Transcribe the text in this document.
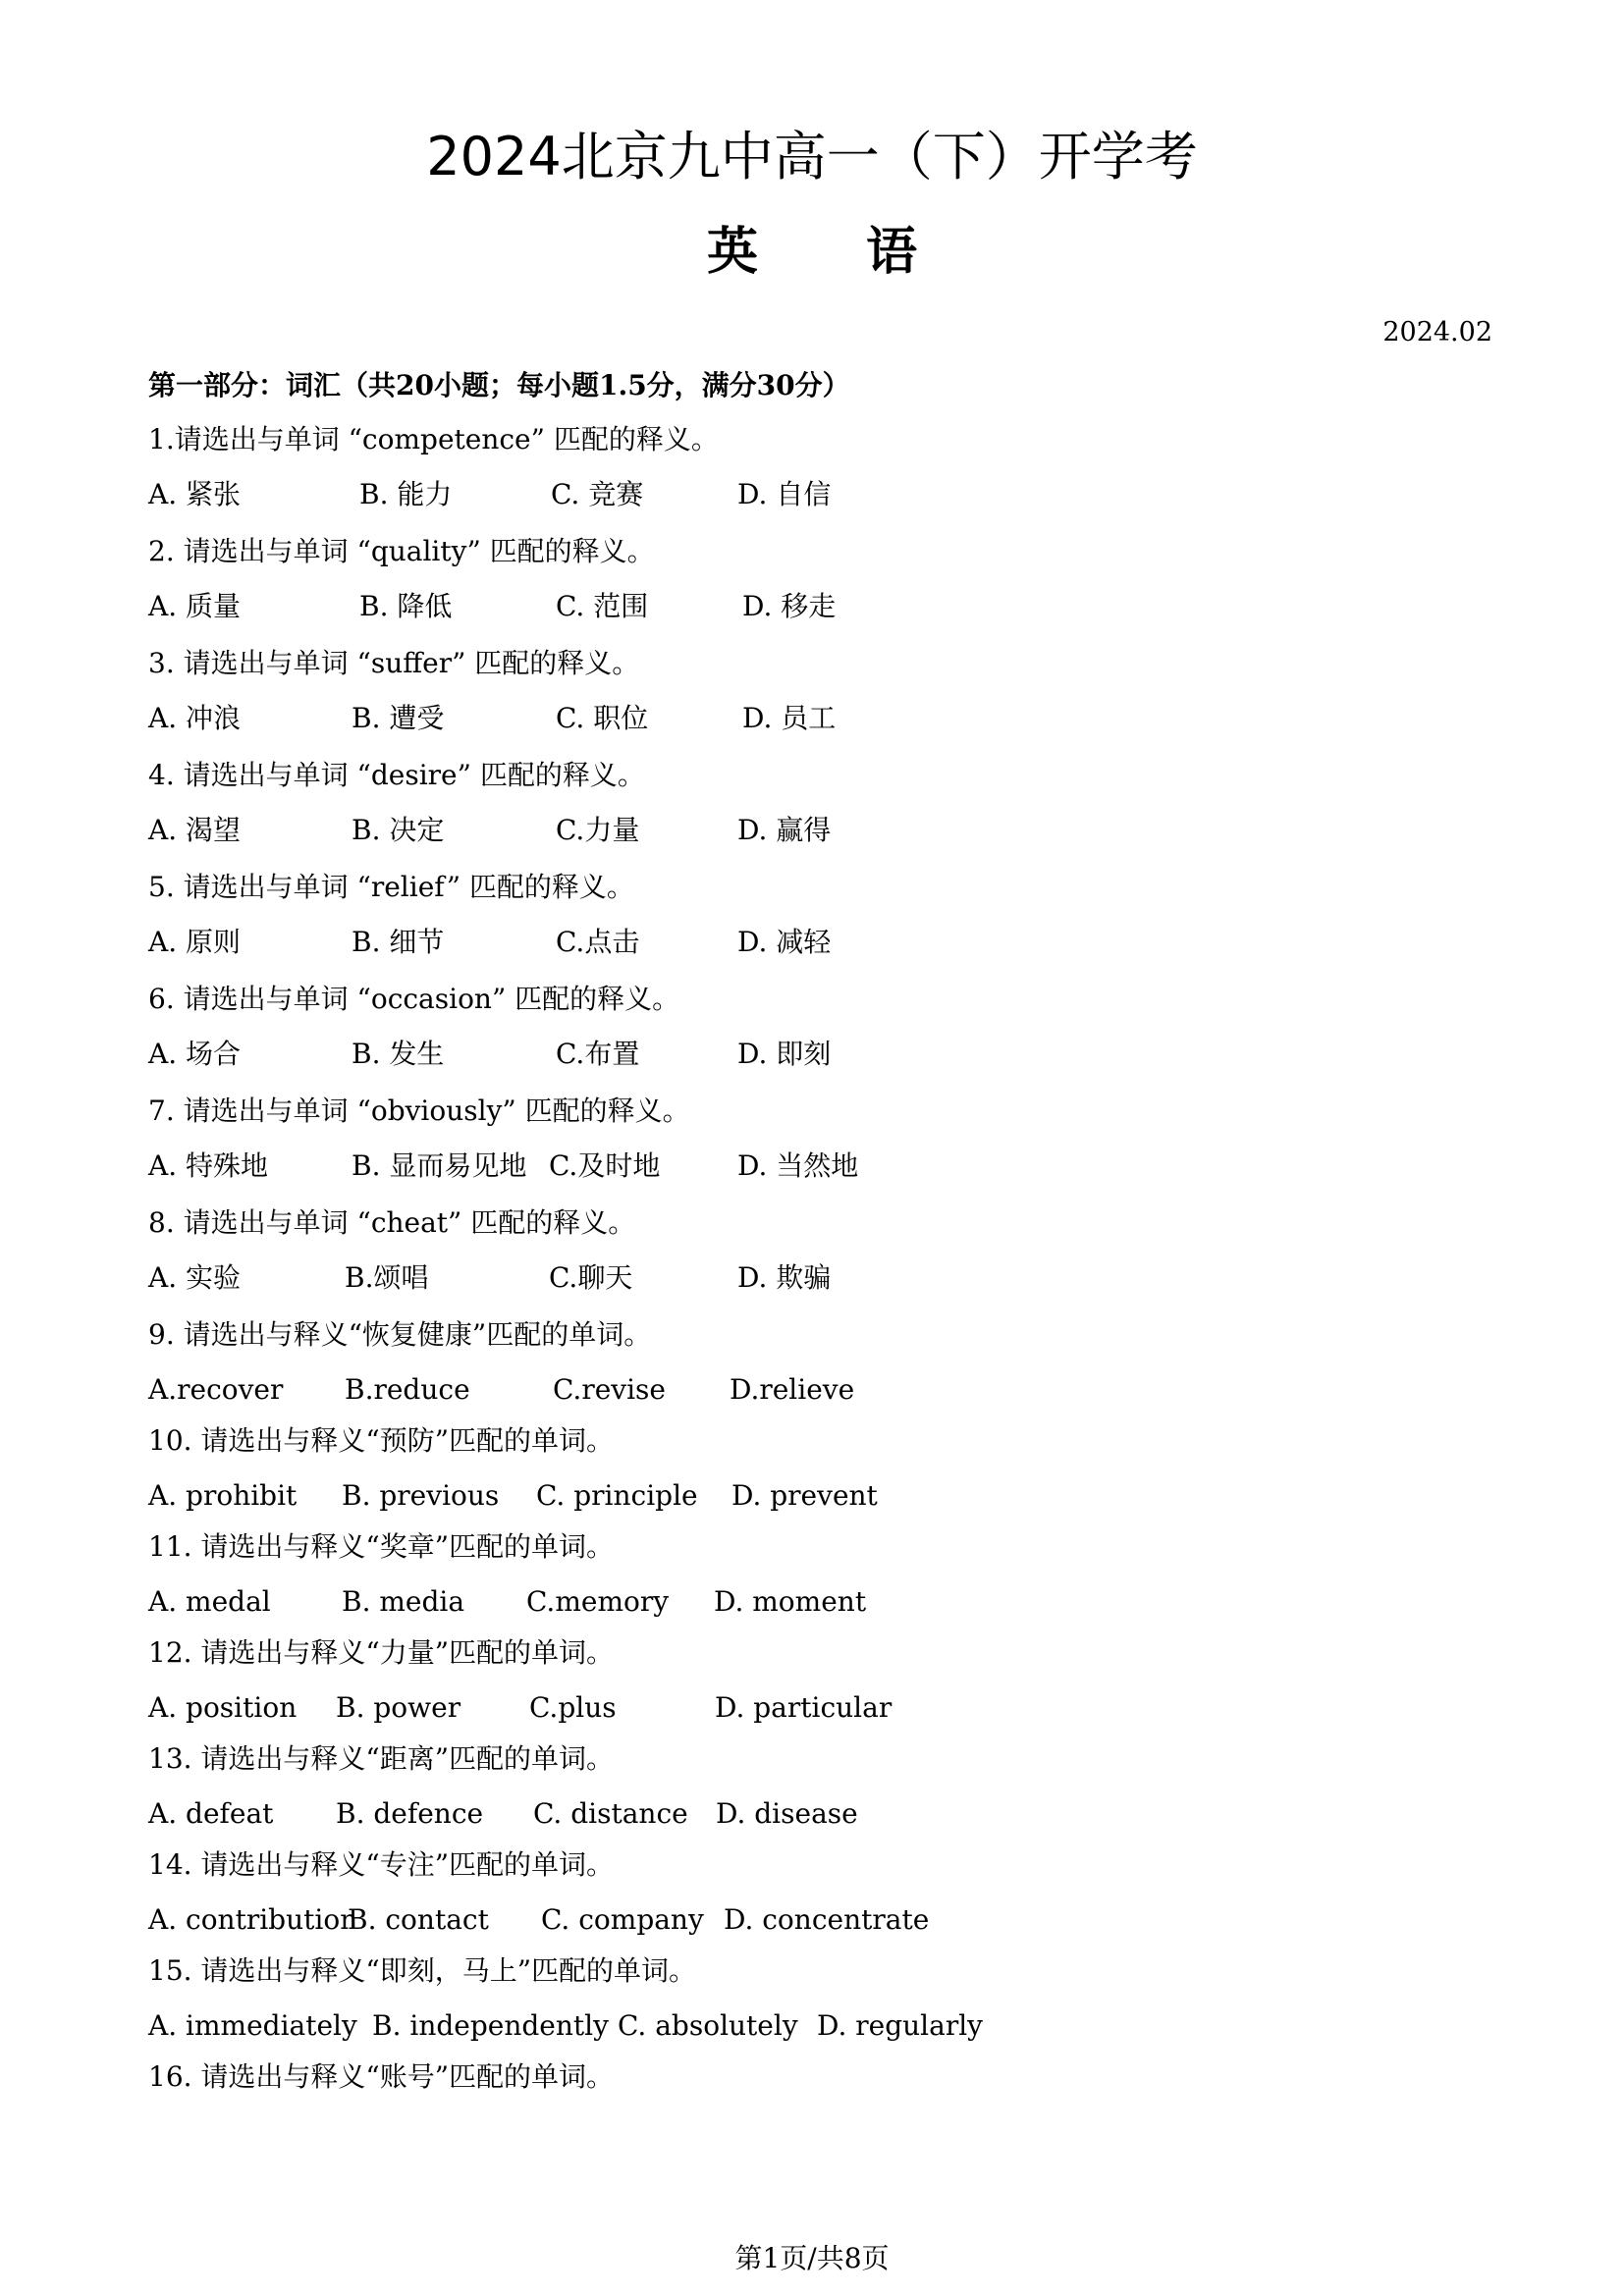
2024北京九中高一（下）开学考
英语
2024.02
第一部分：词汇（共20小题；每小题1.5分，满分30分）
1.请选出与单词 “competence” 匹配的释义。
A. 紧张	B. 能力	C. 竞赛	D. 自信
2. 请选出与单词 “quality” 匹配的释义。
A. 质量	B. 降低	C. 范围	D. 移走
3. 请选出与单词 “suffer” 匹配的释义。
A. 冲浪	B. 遭受	C. 职位	D. 员工
4. 请选出与单词 “desire” 匹配的释义。
A. 渴望	B. 决定	C.力量	D. 赢得
5. 请选出与单词 “relief” 匹配的释义。
A. 原则	B. 细节	C.点击	D. 减轻
6. 请选出与单词 “occasion” 匹配的释义。
A. 场合	B. 发生	C.布置	D. 即刻
7. 请选出与单词 “obviously” 匹配的释义。
A. 特殊地	B. 显而易见地 C.及时地	D. 当然地
8. 请选出与单词 “cheat” 匹配的释义。
A. 实验	B.颂唱	C.聊天	D. 欺骗
9. 请选出与释义“恢复健康”匹配的单词。
A.recover B.reduce	C.revise D.relieve
10. 请选出与释义“预防”匹配的单词。
A. prohibit B. previous C. principle D. prevent
11. 请选出与释义“奖章”匹配的单词。
A. medal	B. media C.memory D. moment
12. 请选出与释义“力量”匹配的单词。
A. position B. power C.plus	D. particular
13. 请选出与释义“距离”匹配的单词。
A. defeat B. defence C. distance D. disease
14. 请选出与释义“专注”匹配的单词。
A. contribution
B. contact C. company D. concentrate
15. 请选出与释义“即刻，马上”匹配的单词。
A. immediately B. independently C. absolutely D. regularly
16. 请选出与释义“账号”匹配的单词。
第1页/共8页
